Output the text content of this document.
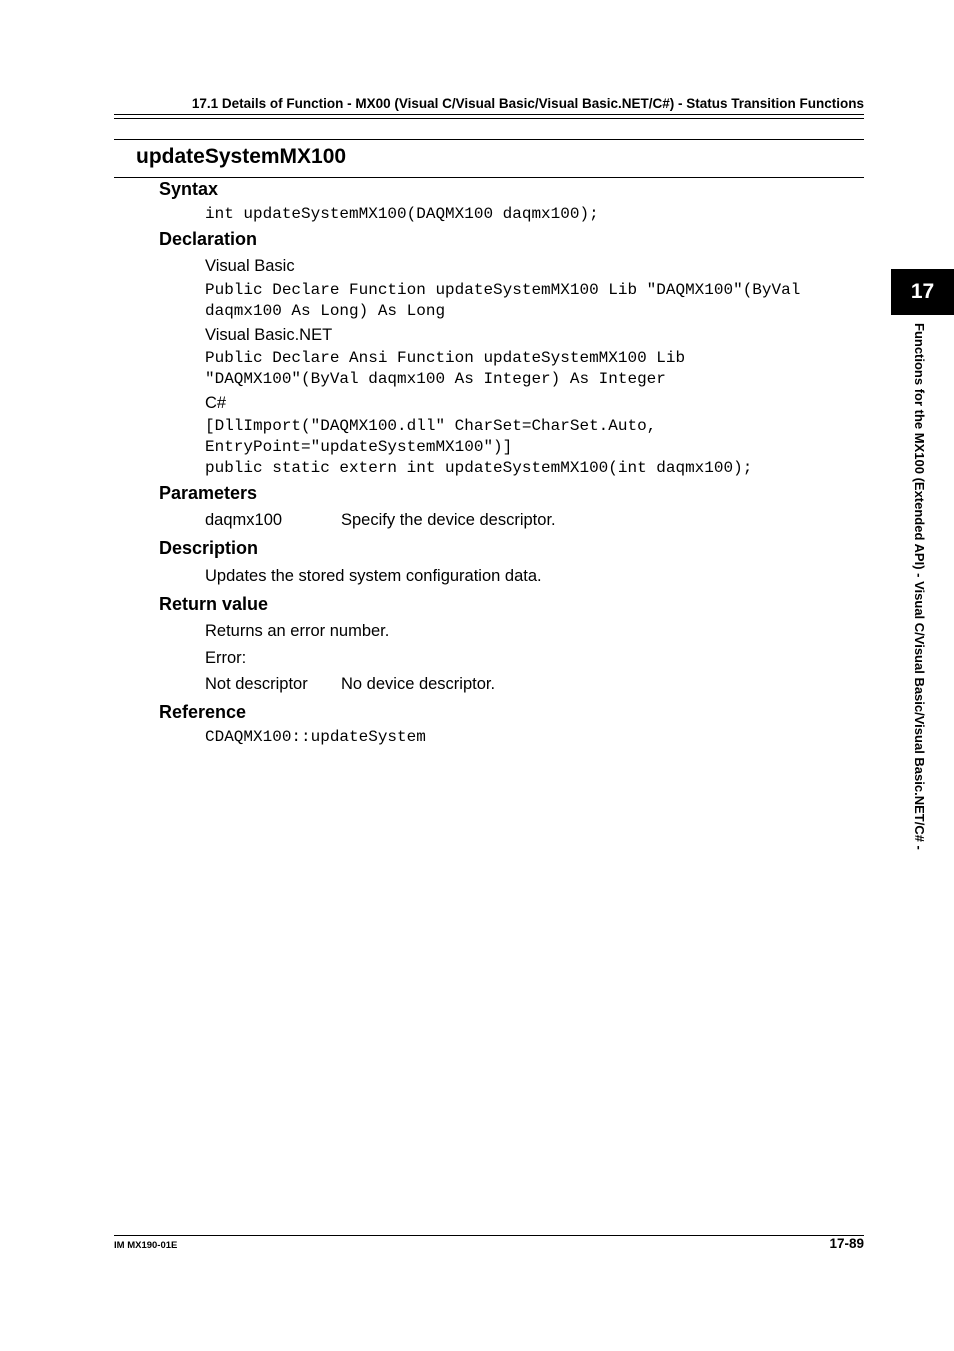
17.1 Details of Function - MX00 (Visual C/Visual Basic/Visual Basic.NET/C#) - Status Transition Functions
updateSystemMX100
Syntax
int updateSystemMX100(DAQMX100 daqmx100);
Declaration
Visual Basic
Public Declare Function updateSystemMX100 Lib "DAQMX100"(ByVal
daqmx100 As Long) As Long
Visual Basic.NET
Public Declare Ansi Function updateSystemMX100 Lib
"DAQMX100"(ByVal daqmx100 As Integer) As Integer
C#
[DllImport("DAQMX100.dll" CharSet=CharSet.Auto,
EntryPoint="updateSystemMX100")]
public static extern int updateSystemMX100(int daqmx100);
Parameters
daqmx100	Specify the device descriptor.
Description
Updates the stored system configuration data.
Return value
Returns an error number.
Error:
Not descriptor No device descriptor.
Reference
CDAQMX100::updateSystem
17
Functions for the MX100 (Extended API) - Visual C/Visual Basic/Visual Basic.NET/C# -
IM MX190-01E	17-89
